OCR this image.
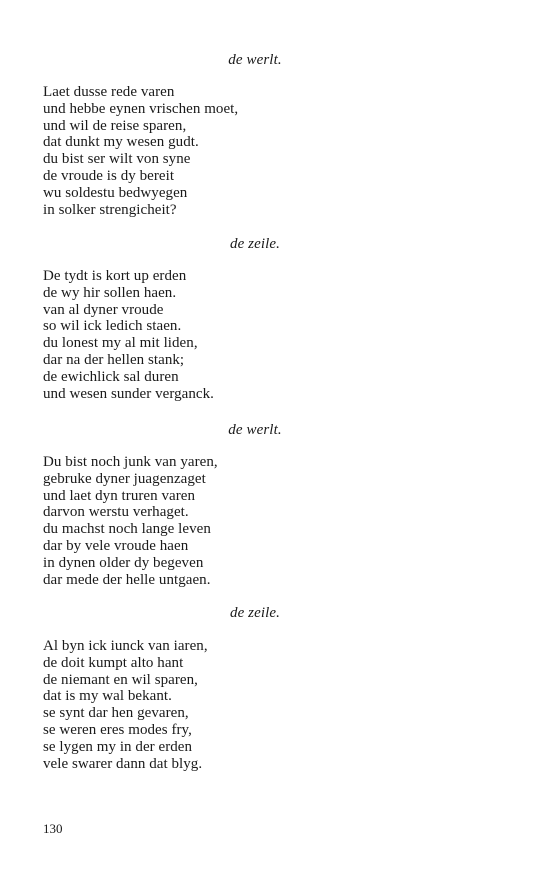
de werlt.
Laet dusse rede varen
und hebbe eynen vrischen moet,
und wil de reise sparen,
dat dunkt my wesen gudt.
du bist ser wilt von syne
de vroude is dy bereit
wu soldestu bedwyegen
in solker strengicheit?
de zeile.
De tydt is kort up erden
de wy hir sollen haen.
van al dyner vroude
so wil ick ledich staen.
du lonest my al mit liden,
dar na der hellen stank;
de ewichlick sal duren
und wesen sunder verganck.
de werlt.
Du bist noch junk van yaren,
gebruke dyner juagenzaget
und laet dyn truren varen
darvon werstu verhaget.
du machst noch lange leven
dar by vele vroude haen
in dynen older dy begeven
dar mede der helle untgaen.
de zeile.
Al byn ick iunck van iaren,
de doit kumpt alto hant
de niemant en wil sparen,
dat is my wal bekant.
se synt dar hen gevaren,
se weren eres modes fry,
se lygen my in der erden
vele swarer dann dat blyg.
130
